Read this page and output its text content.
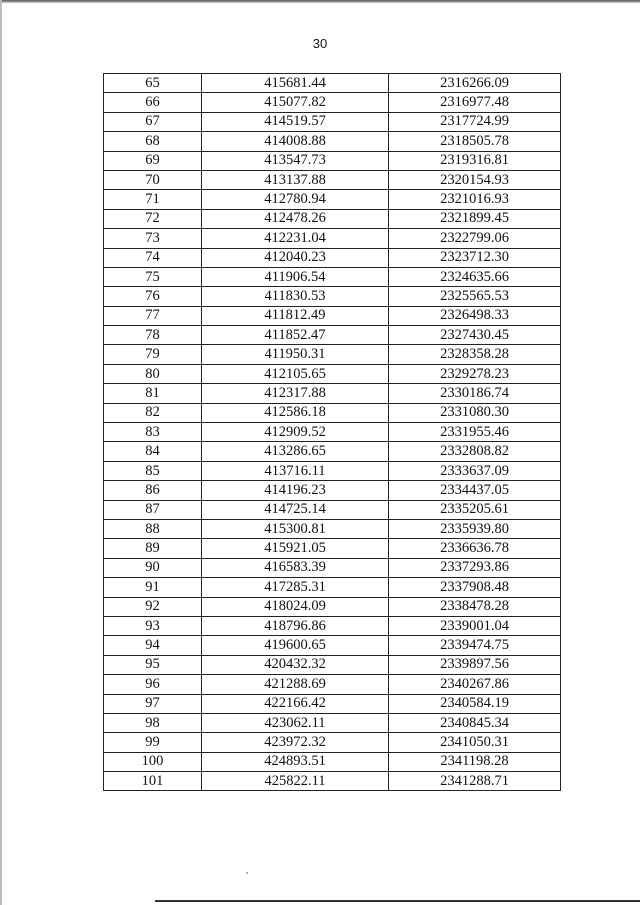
30
65	415681.44	2316266.09
66	415077.82	2316977.48
67	414519.57	2317724.99
68	414008.88	2318505.78
69	413547.73	2319316.81
70	413137.88	2320154.93
71	412780.94	2321016.93
72	412478.26	2321899.45
73	412231.04	2322799.06
74	412040.23	2323712.30
75	411906.54	2324635.66
76	411830.53	2325565.53
77	411812.49	2326498.33
78	411852.47	2327430.45
79	411950.31	2328358.28
80	412105.65	2329278.23
81	412317.88	2330186.74
82	412586.18	2331080.30
83	412909.52	2331955.46
84	413286.65	2332808.82
85	413716.11	2333637.09
86	414196.23	2334437.05
87	414725.14	2335205.61
88	415300.81	2335939.80
89	415921.05	2336636.78
90	416583.39	2337293.86
91	417285.31	2337908.48
92	418024.09	2338478.28
93	418796.86	2339001.04
94	419600.65	2339474.75
95	420432.32	2339897.56
96	421288.69	2340267.86
97	422166.42	2340584.19
98	423062.11	2340845.34
99	423972.32	2341050.31
100	424893.51	2341198.28
101	425822.11	2341288.71
